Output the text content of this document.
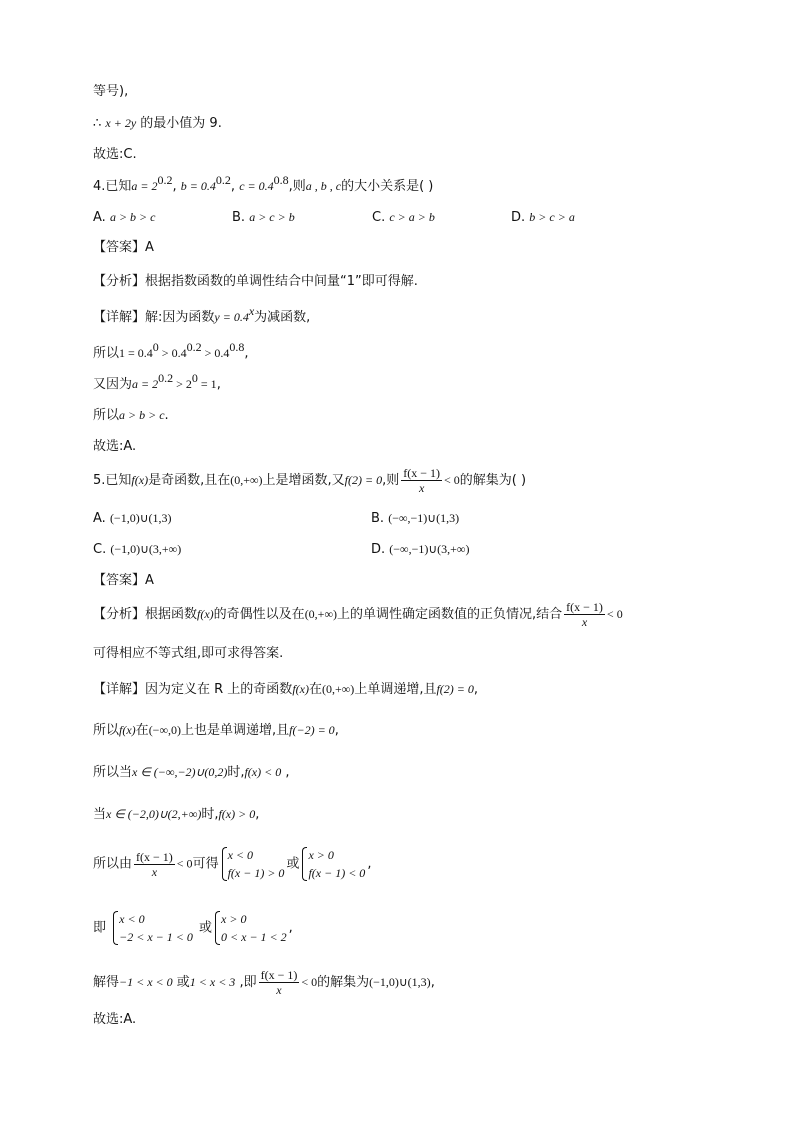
等号),
∴ x + 2y 的最小值为 9.
故选:C.
4.已知$a = 2^{0.2}$, $b = 0.4^{0.2}$, $c = 0.4^{0.8}$,则a , b , c的大小关系是( )
A. a > b > c	B. a > c > b	C. c > a > b	D. b > c > a
【答案】A
【分析】根据指数函数的单调性结合中间量“1”即可得解.
【详解】解:因为函数$y = 0.4^x$为减函数,
所以$1 = 0.4^0 > 0.4^{0.2} > 0.4^{0.8}$,
又因为$a = 2^{0.2} > 2^0 = 1$,
所以a > b > c.
故选:A.
5.已知f(x)是奇函数,且在(0,+∞)上是增函数,又f(2) = 0,则 $\frac{f(x - 1)}{x} < 0$的解集为( )
A. (−1,0)∪(1,3)	B. (−∞,−1)∪(1,3)
C. (−1,0)∪(3,+∞)	D. (−∞,−1)∪(3,+∞)
【答案】A
【分析】根据函数f(x)的奇偶性以及在(0,+∞)上的单调性确定函数值的正负情况,结合 $\frac{f(x - 1)}{x} < 0$
可得相应不等式组,即可求得答案.
【详解】因为定义在 R 上的奇函数f(x)在(0,+∞)上单调递增,且f(2) = 0,
所以f(x)在(−∞,0)上也是单调递增,且f(−2) = 0,
所以当x ∈ (−∞,−2)∪(0,2)时,f(x) < 0 ,
当x ∈ (−2,0)∪(2,+∞)时,f(x) > 0,
所以由 $\frac{f(x - 1)}{x} < 0$可得
x < 0
f(x − 1) > 0
或
x > 0
f(x − 1) < 0
,
即
x < 0
−2 < x − 1 < 0
或
x > 0
0 < x − 1 < 2
,
解得−1 < x < 0 或1 < x < 3 ,即 $\frac{f(x - 1)}{x} < 0$的解集为(−1,0)∪(1,3),
故选:A.
